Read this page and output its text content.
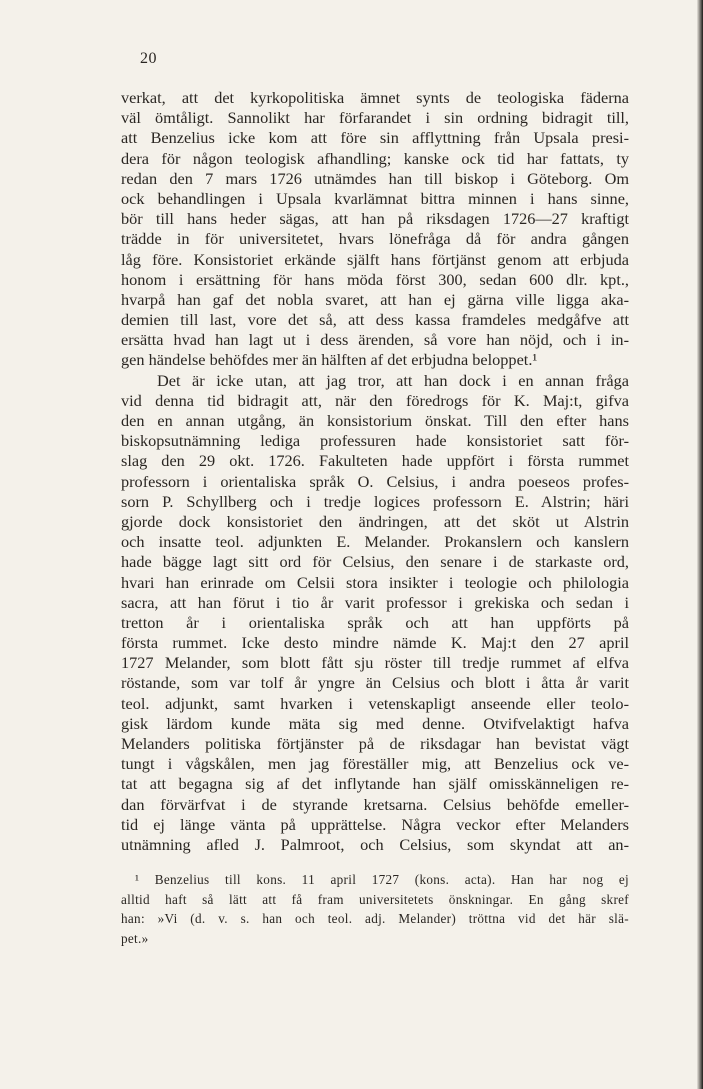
20
verkat, att det kyrkopolitiska ämnet synts de teologiska fäderna
väl ömtåligt. Sannolikt har förfarandet i sin ordning bidragit till,
att Benzelius icke kom att före sin afflyttning från Upsala presi-
dera för någon teologisk afhandling; kanske ock tid har fattats, ty
redan den 7 mars 1726 utnämdes han till biskop i Göteborg. Om
ock behandlingen i Upsala kvarlämnat bittra minnen i hans sinne,
bör till hans heder sägas, att han på riksdagen 1726—27 kraftigt
trädde in för universitetet, hvars lönefråga då för andra gången
låg före. Konsistoriet erkände själft hans förtjänst genom att erbjuda
honom i ersättning för hans möda först 300, sedan 600 dlr. kpt.,
hvarpå han gaf det nobla svaret, att han ej gärna ville ligga aka-
demien till last, vore det så, att dess kassa framdeles medgåfve att
ersätta hvad han lagt ut i dess ärenden, så vore han nöjd, och i in-
gen händelse behöfdes mer än hälften af det erbjudna beloppet.¹
Det är icke utan, att jag tror, att han dock i en annan fråga
vid denna tid bidragit att, när den föredrogs för K. Maj:t, gifva
den en annan utgång, än konsistorium önskat. Till den efter hans
biskopsutnämning lediga professuren hade konsistoriet satt för-
slag den 29 okt. 1726. Fakulteten hade uppfört i första rummet
professorn i orientaliska språk O. Celsius, i andra poeseos profes-
sorn P. Schyllberg och i tredje logices professorn E. Alstrin; häri
gjorde dock konsistoriet den ändringen, att det sköt ut Alstrin
och insatte teol. adjunkten E. Melander. Prokanslern och kanslern
hade bägge lagt sitt ord för Celsius, den senare i de starkaste ord,
hvari han erinrade om Celsii stora insikter i teologie och philologia
sacra, att han förut i tio år varit professor i grekiska och sedan i
tretton år i orientaliska språk och att han uppförts på
första rummet. Icke desto mindre nämde K. Maj:t den 27 april
1727 Melander, som blott fått sju röster till tredje rummet af elfva
röstande, som var tolf år yngre än Celsius och blott i åtta år varit
teol. adjunkt, samt hvarken i vetenskapligt anseende eller teolo-
gisk lärdom kunde mäta sig med denne. Otvifvelaktigt hafva
Melanders politiska förtjänster på de riksdagar han bevistat vägt
tungt i vågskålen, men jag föreställer mig, att Benzelius ock ve-
tat att begagna sig af det inflytande han själf omisskänneligen re-
dan förvärfvat i de styrande kretsarna. Celsius behöfde emeller-
tid ej länge vänta på upprättelse. Några veckor efter Melanders
utnämning afled J. Palmroot, och Celsius, som skyndat att an-
¹ Benzelius till kons. 11 april 1727 (kons. acta). Han har nog ej
alltid haft så lätt att få fram universitetets önskningar. En gång skref
han: »Vi (d. v. s. han och teol. adj. Melander) tröttna vid det här slä-
pet.»
